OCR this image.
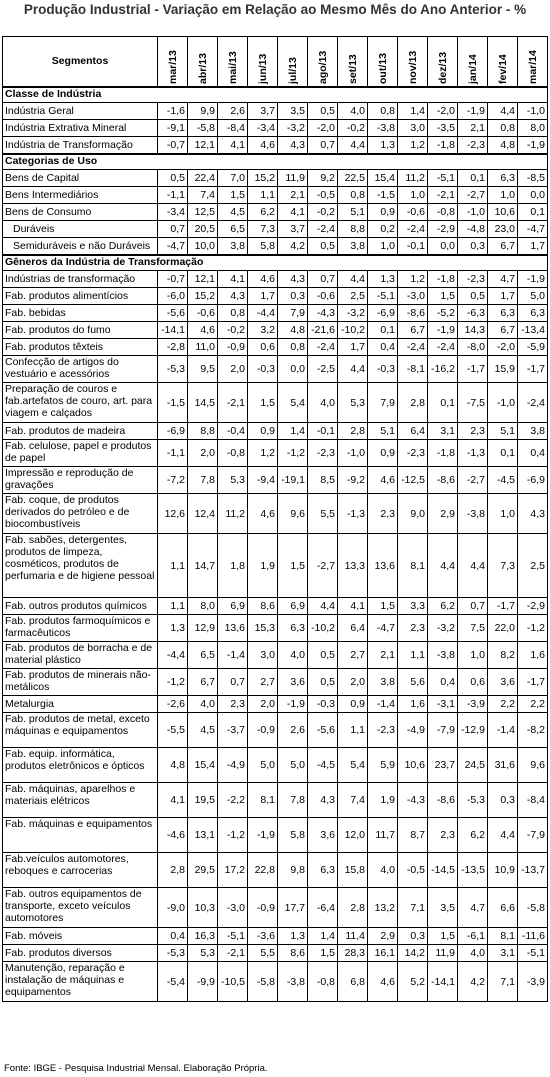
Produção Industrial - Variação em Relação ao Mesmo Mês do Ano Anterior - %
Segmentos	mar/13	abr/13	mai/13	jun/13	jul/13	ago/13	set/13	out/13	nov/13	dez/13	jan/14	fev/14	mar/14
Classe de Indústria													
Indústria Geral	-1,6	9,9	2,6	3,7	3,5	0,5	4,0	0,8	1,4	-2,0	-1,9	4,4	-1,0
Indústria Extrativa Mineral	-9,1	-5,8	-8,4	-3,4	-3,2	-2,0	-0,2	-3,8	3,0	-3,5	2,1	0,8	8,0
Indústria de Transformação	-0,7	12,1	4,1	4,6	4,3	0,7	4,4	1,3	1,2	-1,8	-2,3	4,8	-1,9
Categorias de Uso													
Bens de Capital	0,5	22,4	7,0	15,2	11,9	9,2	22,5	15,4	11,2	-5,1	0,1	6,3	-8,5
Bens Intermediários	-1,1	7,4	1,5	1,1	2,1	-0,5	0,8	-1,5	1,0	-2,1	-2,7	1,0	0,0
Bens de Consumo	-3,4	12,5	4,5	6,2	4,1	-0,2	5,1	0,9	-0,6	-0,8	-1,0	10,6	0,1
Duráveis	0,7	20,5	6,5	7,3	3,7	-2,4	8,8	0,2	-2,4	-2,9	-4,8	23,0	-4,7
Semiduráveis e não Duráveis	-4,7	10,0	3,8	5,8	4,2	0,5	3,8	1,0	-0,1	0,0	0,3	6,7	1,7
Gêneros da Indústria de Transformação													
Indústrias de transformação	-0,7	12,1	4,1	4,6	4,3	0,7	4,4	1,3	1,2	-1,8	-2,3	4,7	-1,9
Fab. produtos alimentícios	-6,0	15,2	4,3	1,7	0,3	-0,6	2,5	-5,1	-3,0	1,5	0,5	1,7	5,0
Fab. bebidas	-5,6	-0,6	0,8	-4,4	7,9	-4,3	-3,2	-6,9	-8,6	-5,2	-6,3	6,3	6,3
Fab. produtos do fumo	-14,1	4,6	-0,2	3,2	4,8	-21,6	-10,2	0,1	6,7	-1,9	14,3	6,7	-13,4
Fab. produtos têxteis	-2,8	11,0	-0,9	0,6	0,8	-2,4	1,7	0,4	-2,4	-2,4	-8,0	-2,0	-5,9
Confecção de artigos do vestuário e acessórios	-5,3	9,5	2,0	-0,3	0,0	-2,5	4,4	-0,3	-8,1	-16,2	-1,7	15,9	-1,7
Preparação de couros e fab.artefatos de couro, art. para viagem e calçados	-1,5	14,5	-2,1	1,5	5,4	4,0	5,3	7,9	2,8	0,1	-7,5	-1,0	-2,4
Fab. produtos de madeira	-6,9	8,8	-0,4	0,9	1,4	-0,1	2,8	5,1	6,4	3,1	2,3	5,1	3,8
Fab. celulose, papel e produtos de papel	-1,1	2,0	-0,8	1,2	-1,2	-2,3	-1,0	0,9	-2,3	-1,8	-1,3	0,1	0,4
Impressão e reprodução de gravações	-7,2	7,8	5,3	-9,4	-19,1	8,5	-9,2	4,6	-12,5	-8,6	-2,7	-4,5	-6,9
Fab. coque, de produtos derivados do petróleo e de biocombustíveis	12,6	12,4	11,2	4,6	9,6	5,5	-1,3	2,3	9,0	2,9	-3,8	1,0	4,3
Fab. sabões, detergentes, produtos de limpeza, cosméticos, produtos de perfumaria e de higiene pessoal	1,1	14,7	1,8	1,9	1,5	-2,7	13,3	13,6	8,1	4,4	4,4	7,3	2,5
Fab. outros produtos químicos	1,1	8,0	6,9	8,6	6,9	4,4	4,1	1,5	3,3	6,2	0,7	-1,7	-2,9
Fab. produtos farmoquímicos e farmacêuticos	1,3	12,9	13,6	15,3	6,3	-10,2	6,4	-4,7	2,3	-3,2	7,5	22,0	-1,2
Fab. produtos de borracha e de material plástico	-4,4	6,5	-1,4	3,0	4,0	0,5	2,7	2,1	1,1	-3,8	1,0	8,2	1,6
Fab. produtos de minerais não-metálicos	-1,2	6,7	0,7	2,7	3,6	0,5	2,0	3,8	5,6	0,4	0,6	3,6	-1,7
Metalurgia	-2,6	4,0	2,3	2,0	-1,9	-0,3	0,9	-1,4	1,6	-3,1	-3,9	2,2	2,2
Fab. produtos de metal, exceto máquinas e equipamentos	-5,5	4,5	-3,7	-0,9	2,6	-5,6	1,1	-2,3	-4,9	-7,9	-12,9	-1,4	-8,2
Fab. equip. informática, produtos eletrônicos e ópticos	4,8	15,4	-4,9	5,0	5,0	-4,5	5,4	5,9	10,6	23,7	24,5	31,6	9,6
Fab. máquinas, aparelhos e materiais elétricos	4,1	19,5	-2,2	8,1	7,8	4,3	7,4	1,9	-4,3	-8,6	-5,3	0,3	-8,4
Fab. máquinas e equipamentos	-4,6	13,1	-1,2	-1,9	5,8	3,6	12,0	11,7	8,7	2,3	6,2	4,4	-7,9
Fab.veículos automotores, reboques e carrocerias	2,8	29,5	17,2	22,8	9,8	6,3	15,8	4,0	-0,5	-14,5	-13,5	10,9	-13,7
Fab. outros equipamentos de transporte, exceto veículos automotores	-9,0	10,3	-3,0	-0,9	17,7	-6,4	2,8	13,2	7,1	3,5	4,7	6,6	-5,8
Fab. móveis	0,4	16,3	-5,1	-3,6	1,3	1,4	11,4	2,9	0,3	1,5	-6,1	8,1	-11,6
Fab. produtos diversos	-5,3	5,3	-2,1	5,5	8,6	1,5	28,3	16,1	14,2	11,9	4,0	3,1	-5,1
Manutenção, reparação e instalação de máquinas e equipamentos	-5,4	-9,9	-10,5	-5,8	-3,8	-0,8	6,8	4,6	5,2	-14,1	4,2	7,1	-3,9
Fonte: IBGE - Pesquisa Industrial Mensal. Elaboração Própria.
